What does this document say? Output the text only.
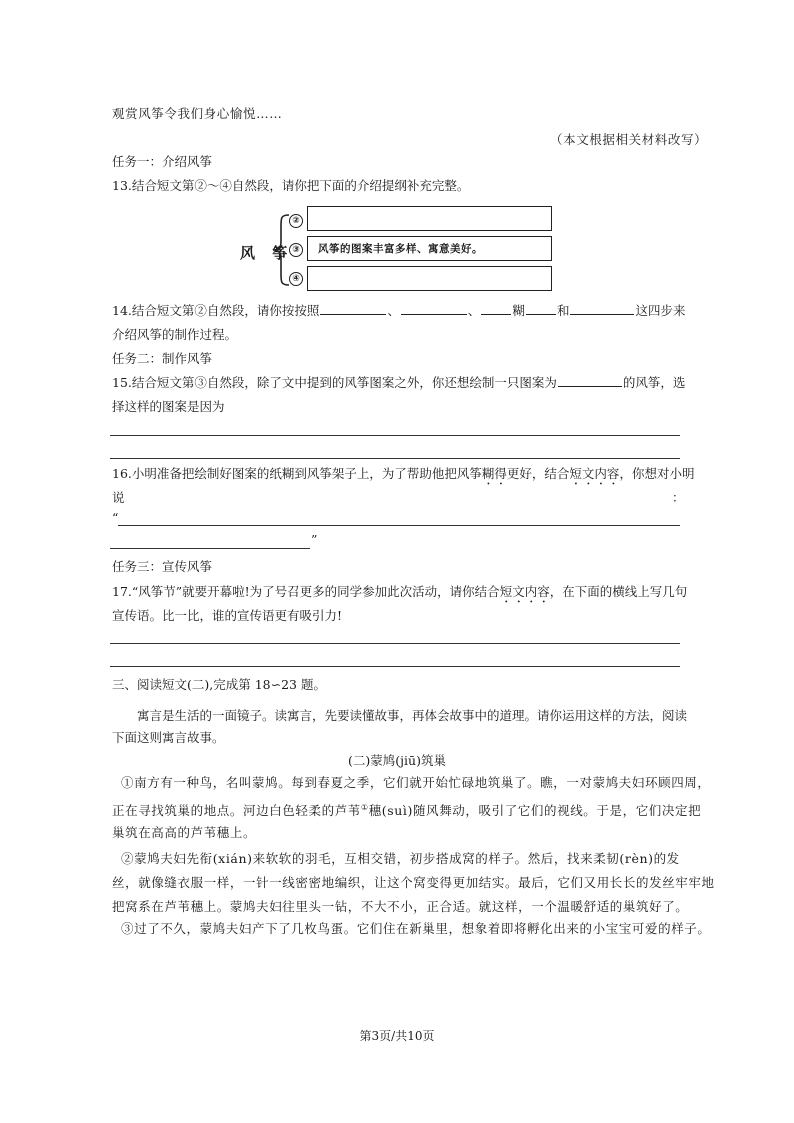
观赏风筝令我们身心愉悦……
（本文根据相关材料改写）
任务一：介绍风筝
13.结合短文第②～④自然段，请你把下面的介绍提纲补充完整。
风 筝
②
③
④
风筝的图案丰富多样、寓意美好。
14.结合短文第②自然段，请你按按照	、	、	糊	和	这四步来
介绍风筝的制作过程。
任务二：制作风筝
15.结合短文第③自然段，除了文中提到的风筝图案之外，你还想绘制一只图案为	的风筝，选
择这样的图案是因为
16.小明准备把绘制好图案的纸糊到风筝架子上，为了帮助他把风筝糊得更好，结合短文内容，你想对小明
说	：
“
”
任务三：宣传风筝
17.“风筝节”就要开幕啦!为了号召更多的同学参加此次活动，请你结合短文内容，在下面的横线上写几句
宣传语。比一比，谁的宣传语更有吸引力!
三、阅读短文(二),完成第 18∽23 题。
寓言是生活的一面镜子。读寓言，先要读懂故事，再体会故事中的道理。请你运用这样的方法，阅读
下面这则寓言故事。
(二)蒙鸠(jiū)筑巢
①南方有一种鸟，名叫蒙鸠。每到春夏之季，它们就开始忙碌地筑巢了。瞧，一对蒙鸠夫妇环顾四周，
正在寻找筑巢的地点。河边白色轻柔的芦苇①穗(suì)随风舞动，吸引了它们的视线。于是，它们决定把
巢筑在高高的芦苇穗上。
②蒙鸠夫妇先衔(xián)来软软的羽毛，互相交错，初步搭成窝的样子。然后，找来柔韧(rèn)的发
丝，就像缝衣服一样，一针一线密密地编织，让这个窝变得更加结实。最后，它们又用长长的发丝牢牢地
把窝系在芦苇穗上。蒙鸠夫妇往里头一钻，不大不小，正合适。就这样，一个温暖舒适的巢筑好了。
③过了不久，蒙鸠夫妇产下了几枚鸟蛋。它们住在新巢里，想象着即将孵化出来的小宝宝可爱的样子。
第3页/共10页
